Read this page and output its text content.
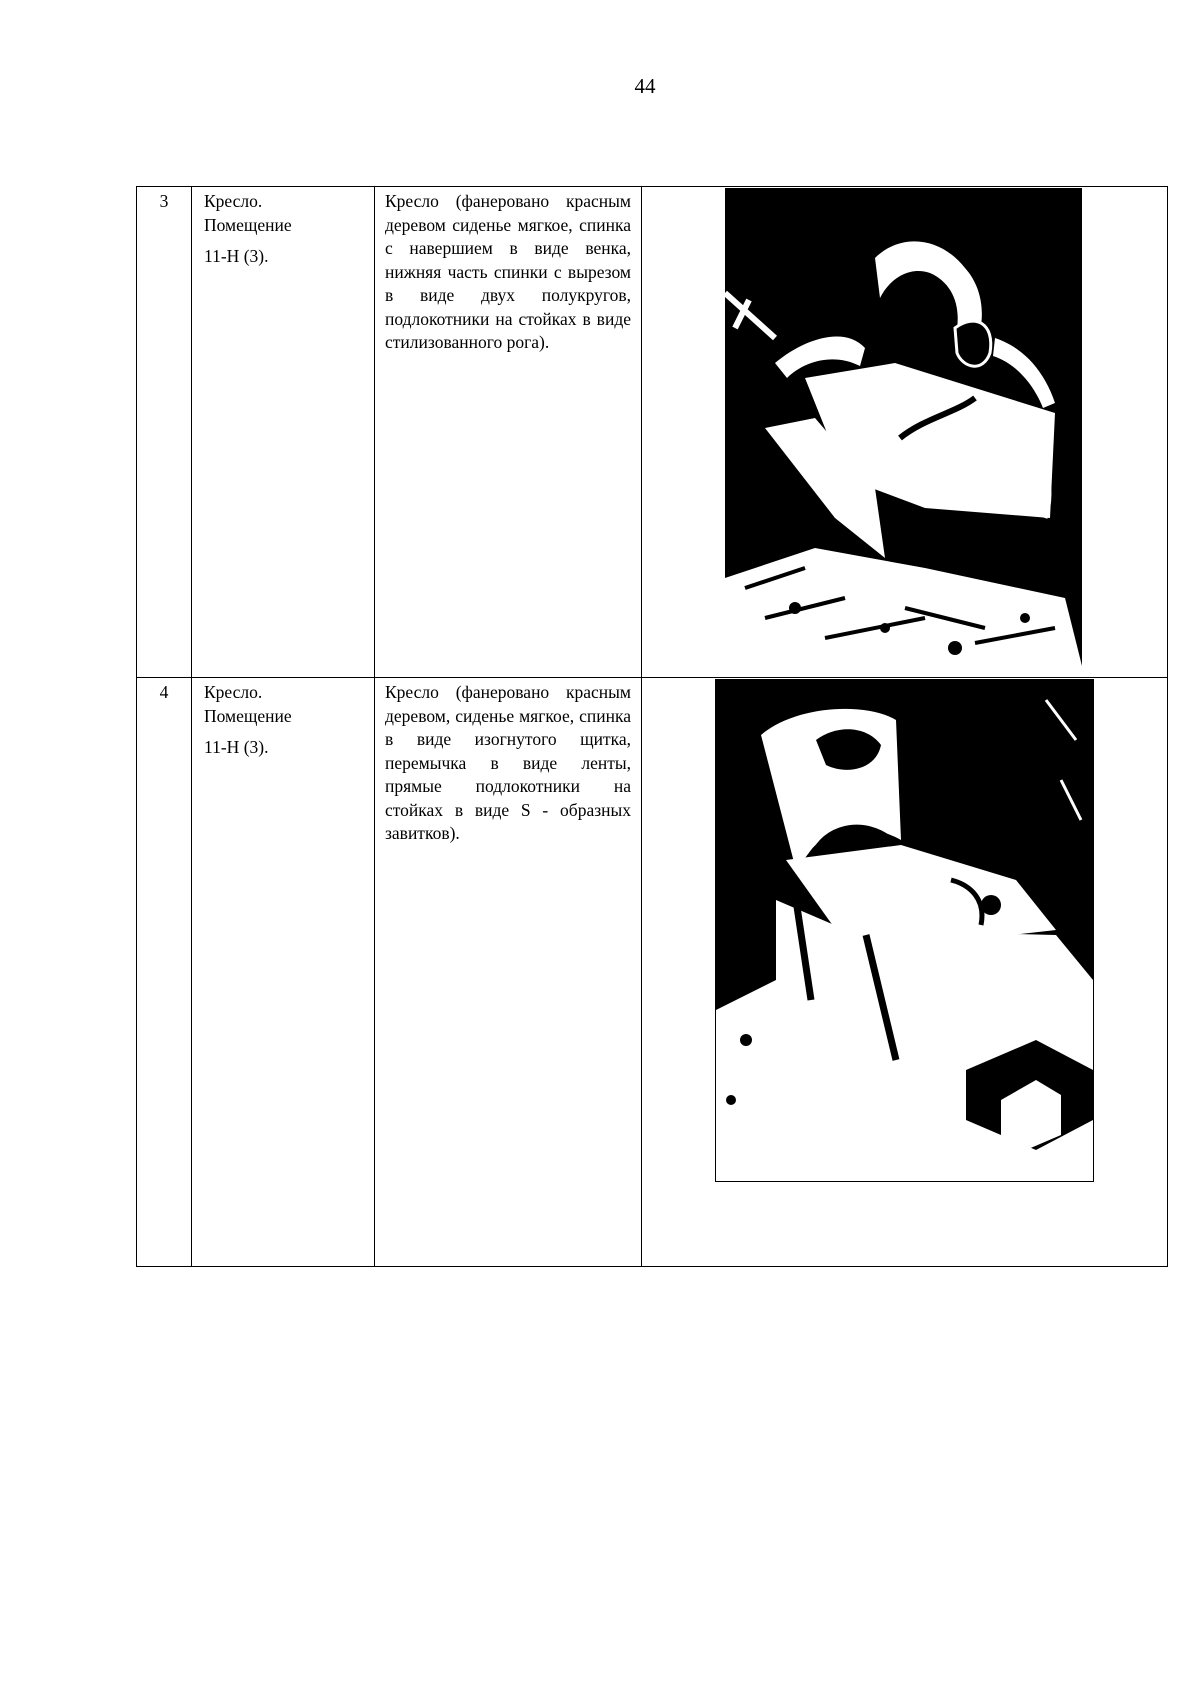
44
3	Кресло.
Помещение
11-Н (3).	Кресло (фанеровано красным деревом сиденье мягкое, спинка с навершием в виде венка, нижняя часть спинки с вырезом в виде двух полукругов, подлокотники на стойках в виде стилизованного рога).	

4	Кресло.
Помещение
11-Н (3).	Кресло (фанеровано красным деревом, сиденье мягкое, спинка в виде изогнутого щитка, перемычка в виде ленты, прямые подлокотники на стойках в виде S - образных завитков).	
